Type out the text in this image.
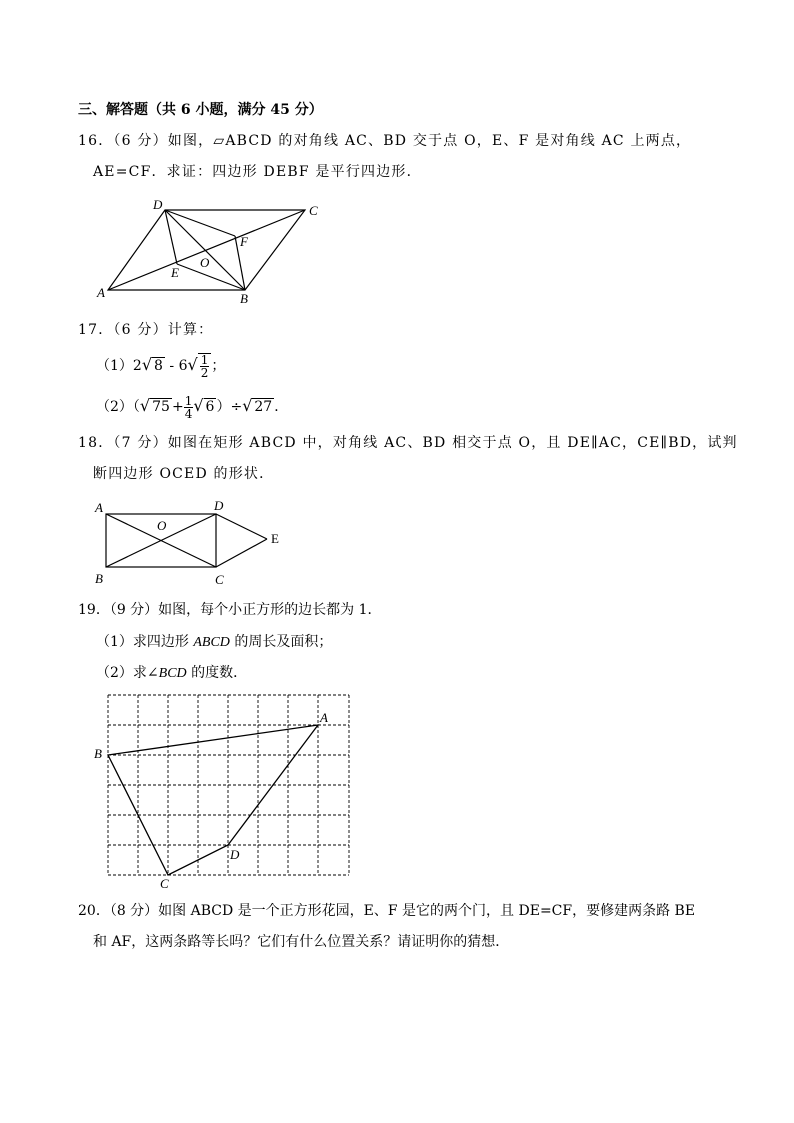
三、解答题（共 6 小题，满分 45 分）
16．（6 分）如图，▱ABCD 的对角线 AC、BD 交于点 O，E、F 是对角线 AC 上两点，
AE=CF．求证：四边形 DEBF 是平行四边形．
D	C
F
O
E
A	B
17．（6 分）计算：
（1）2√ $8 - 6√ \frac{1}{2}$ ；
（2）（√ $75 + \frac{1}{4}$ √ 6 ）÷√ 27 ．
18．（7 分）如图在矩形 ABCD 中，对角线 AC、BD 相交于点 O，且 DE∥AC，CE∥BD，试判
断四边形 OCED 的形状．
A	D
O
E
B	C
19．（9 分）如图，每个小正方形的边长都为 1．
（1）求四边形 ABCD 的周长及面积；
（2）求∠BCD 的度数．
A
B
C
D
20．（8 分）如图 ABCD 是一个正方形花园，E、F 是它的两个门，且 DE=CF，要修建两条路 BE
和 AF，这两条路等长吗？它们有什么位置关系？请证明你的猜想．
